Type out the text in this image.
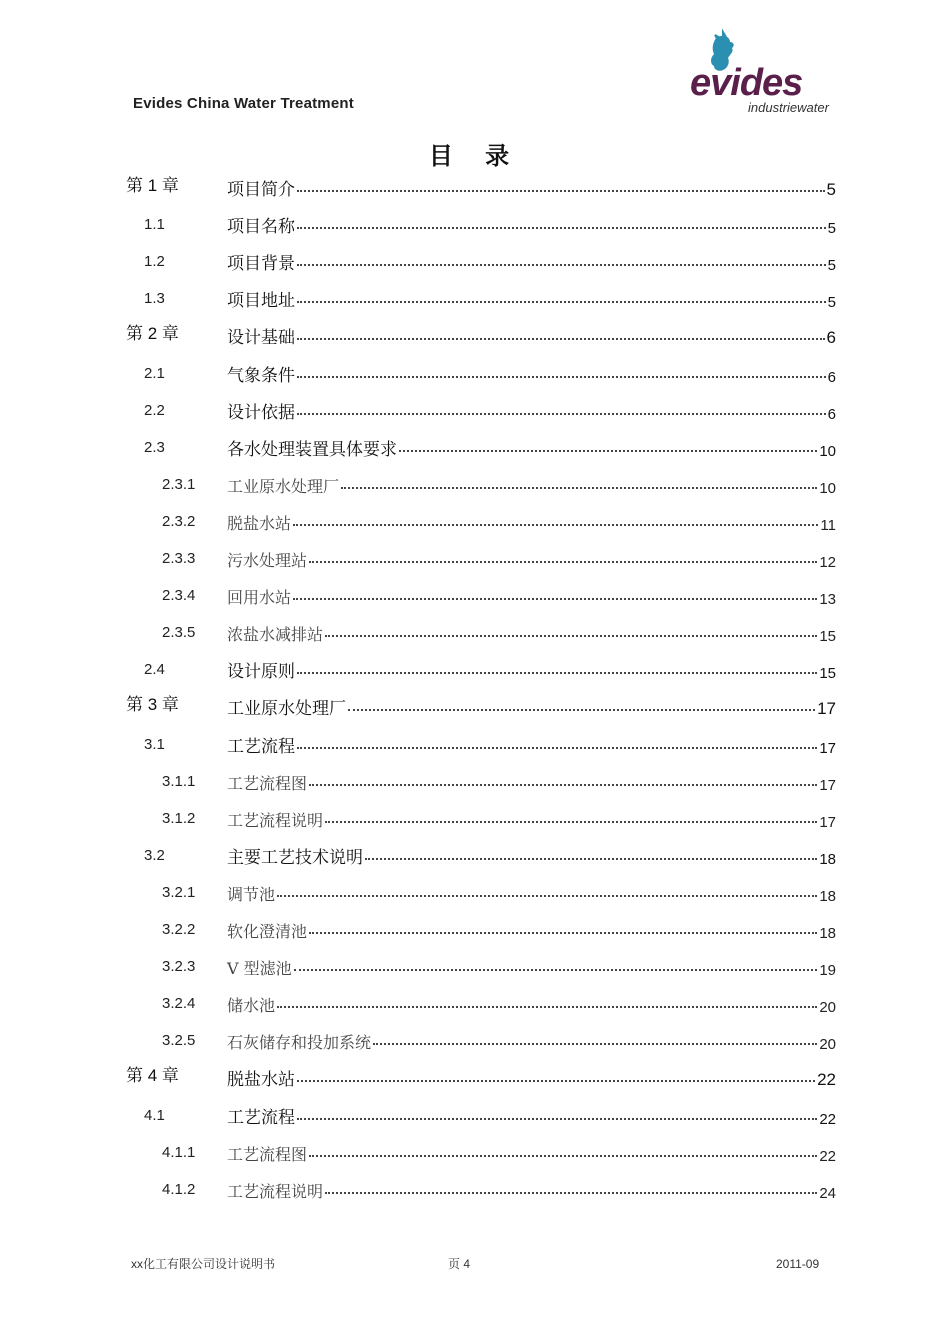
Evides China Water Treatment	evides
industriewater
目 录
第 1 章	项目简介	5
1.1	项目名称	5
1.2	项目背景	5
1.3	项目地址	5
第 2 章	设计基础	6
2.1	气象条件	6
2.2	设计依据	6
2.3	各水处理装置具体要求	10
2.3.1 工业原水处理厂	10
2.3.2 脱盐水站	11
2.3.3 污水处理站	12
2.3.4 回用水站	13
2.3.5 浓盐水减排站	15
2.4	设计原则	15
第 3 章	工业原水处理厂	17
3.1	工艺流程	17
3.1.1 工艺流程图	17
3.1.2 工艺流程说明	17
3.2	主要工艺技术说明	18
3.2.1 调节池	18
3.2.2 软化澄清池	18
3.2.3 V 型滤池	19
3.2.4 储水池	20
3.2.5 石灰储存和投加系统	20
第 4 章	脱盐水站	22
4.1	工艺流程	22
4.1.1 工艺流程图	22
4.1.2 工艺流程说明	24
xx化工有限公司设计说明书	页 4	2011-09
